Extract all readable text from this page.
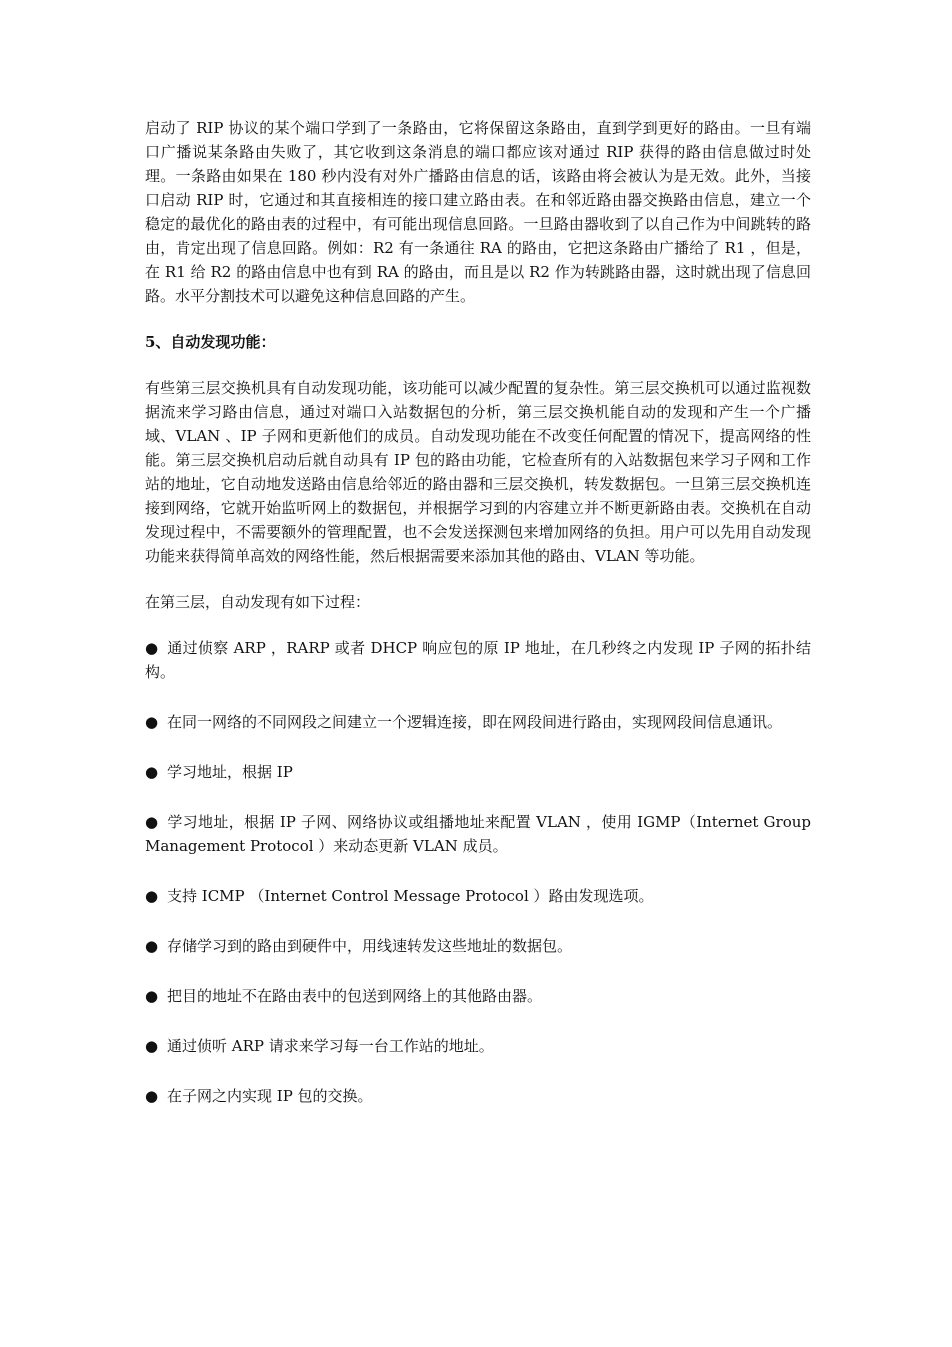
启动了 RIP 协议的某个端口学到了一条路由，它将保留这条路由，直到学到更好的路由。一旦有端口广播说某条路由失败了，其它收到这条消息的端口都应该对通过 RIP 获得的路由信息做过时处理。一条路由如果在 180 秒内没有对外广播路由信息的话，该路由将会被认为是无效。此外，当接口启动 RIP 时，它通过和其直接相连的接口建立路由表。在和邻近路由器交换路由信息，建立一个稳定的最优化的路由表的过程中，有可能出现信息回路。一旦路由器收到了以自己作为中间跳转的路由，肯定出现了信息回路。例如：R2 有一条通往 RA 的路由，它把这条路由广播给了 R1 ，但是，在 R1 给 R2 的路由信息中也有到 RA 的路由，而且是以 R2 作为转跳路由器，这时就出现了信息回路。水平分割技术可以避免这种信息回路的产生。

5、自动发现功能：

有些第三层交换机具有自动发现功能，该功能可以减少配置的复杂性。第三层交换机可以通过监视数据流来学习路由信息，通过对端口入站数据包的分析，第三层交换机能自动的发现和产生一个广播域、VLAN 、IP 子网和更新他们的成员。自动发现功能在不改变任何配置的情况下，提高网络的性能。第三层交换机启动后就自动具有 IP 包的路由功能，它检查所有的入站数据包来学习子网和工作站的地址，它自动地发送路由信息给邻近的路由器和三层交换机，转发数据包。一旦第三层交换机连接到网络，它就开始监听网上的数据包，并根据学习到的内容建立并不断更新路由表。交换机在自动发现过程中，不需要额外的管理配置，也不会发送探测包来增加网络的负担。用户可以先用自动发现功能来获得简单高效的网络性能，然后根据需要来添加其他的路由、VLAN 等功能。

在第三层，自动发现有如下过程：

● 通过侦察 ARP ，RARP 或者 DHCP 响应包的原 IP 地址，在几秒终之内发现 IP 子网的拓扑结构。
● 在同一网络的不同网段之间建立一个逻辑连接，即在网段间进行路由，实现网段间信息通讯。
● 学习地址，根据 IP
● 学习地址，根据 IP 子网、网络协议或组播地址来配置 VLAN ，使用 IGMP（Internet Group Management Protocol ）来动态更新 VLAN 成员。
● 支持 ICMP （Internet Control Message Protocol ）路由发现选项。
● 存储学习到的路由到硬件中，用线速转发这些地址的数据包。
● 把目的地址不在路由表中的包送到网络上的其他路由器。
● 通过侦听 ARP 请求来学习每一台工作站的地址。
● 在子网之内实现 IP 包的交换。
